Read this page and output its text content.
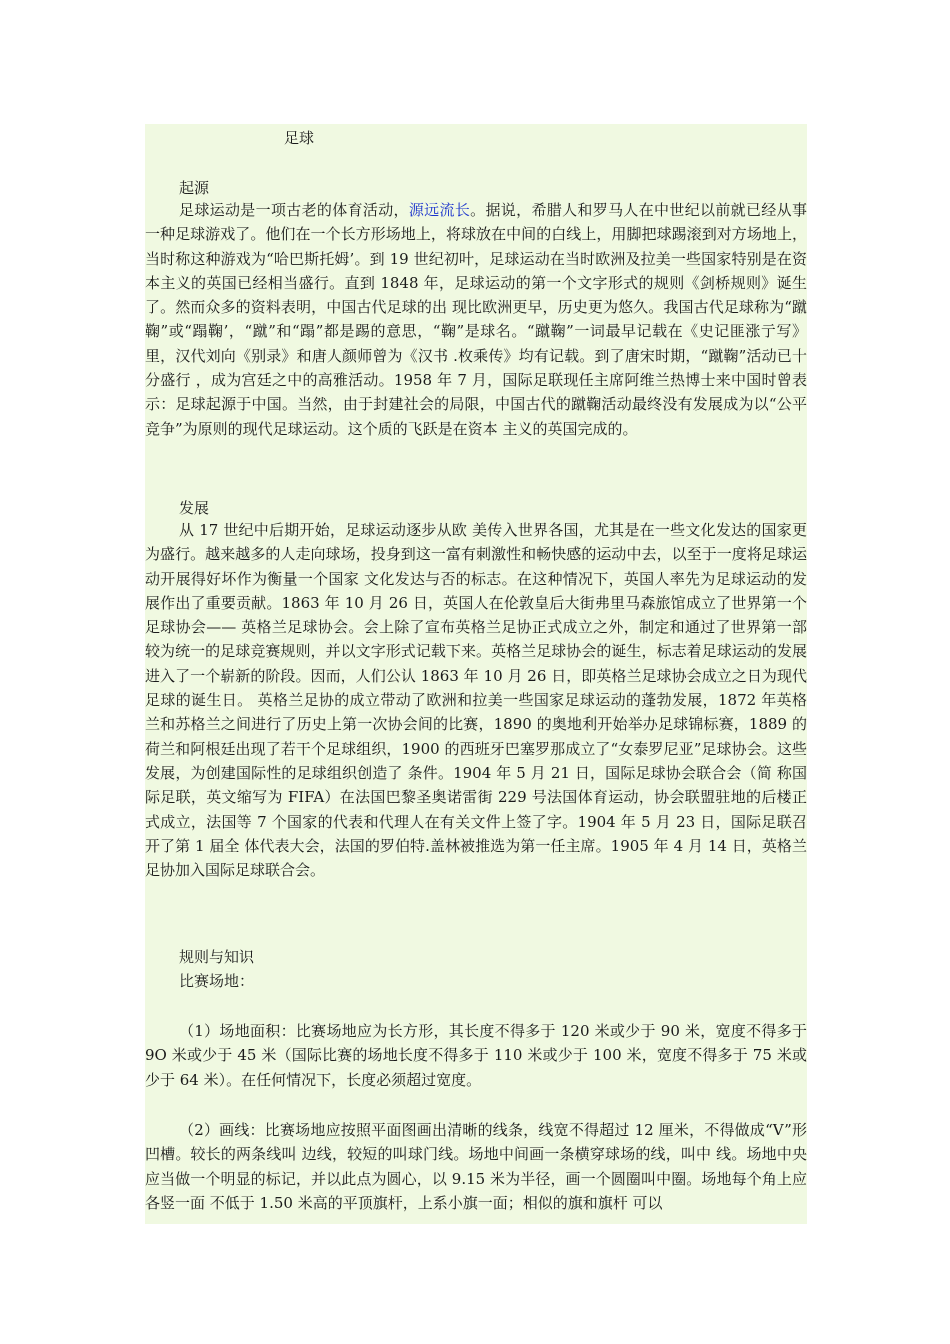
足球
起源

足球运动是一项古老的体育活动，源远流长。据说，希腊人和罗马人在中世纪以前就已经从事一种足球游戏了。他们在一个长方形场地上，将球放在中间的白线上，用脚把球踢滚到对方场地上，当时称这种游戏为“哈巴斯托姆’。到 19 世纪初叶，足球运动在当时欧洲及拉美一些国家特别是在资本主义的英国已经相当盛行。直到 1848 年，足球运动的第一个文字形式的规则《剑桥规则》诞生了。然而众多的资料表明，中国古代足球的出 现比欧洲更早，历史更为悠久。我国古代足球称为“蹴鞠”或“蹋鞠’，“蹴”和“蹋”都是踢的意思，“鞠”是球名。“蹴鞠”一词最早记载在《史记匪涨亍写》里，汉代刘向《别录》和唐人颜师曾为《汉书 .枚乘传》均有记载。到了唐宋时期，“蹴鞠”活动已十分盛行 ，成为宫廷之中的高雅活动。1958 年 7 月，国际足联现任主席阿维兰热博士来中国时曾表示：足球起源于中国。当然，由于封建社会的局限，中国古代的蹴鞠活动最终没有发展成为以“公平竞争”为原则的现代足球运动。这个质的飞跃是在资本 主义的英国完成的。

发展

从 17 世纪中后期开始，足球运动逐步从欧 美传入世界各国，尤其是在一些文化发达的国家更为盛行。越来越多的人走向球场，投身到这一富有刺激性和畅快感的运动中去，以至于一度将足球运动开展得好坏作为衡量一个国家 文化发达与否的标志。在这种情况下，英国人率先为足球运动的发展作出了重要贡献。1863 年 10 月 26 日，英国人在伦敦皇后大街弗里马森旅馆成立了世界第一个足球协会—— 英格兰足球协会。会上除了宣布英格兰足协正式成立之外，制定和通过了世界第一部较为统一的足球竞赛规则，并以文字形式记载下来。英格兰足球协会的诞生，标志着足球运动的发展进入了一个崭新的阶段。因而，人们公认 1863 年 10 月 26 日，即英格兰足球协会成立之日为现代足球的诞生日。 英格兰足协的成立带动了欧洲和拉美一些国家足球运动的蓬勃发展，1872 年英格兰和苏格兰之间进行了历史上第一次协会间的比赛，1890 的奥地利开始举办足球锦标赛，1889 的荷兰和阿根廷出现了若干个足球组织，1900 的西班牙巴塞罗那成立了“女泰罗尼亚”足球协会。这些发展，为创建国际性的足球组织创造了 条件。1904 年 5 月 21 日，国际足球协会联合会（简 称国际足联，英文缩写为 FIFA）在法国巴黎圣奥诺雷街 229 号法国体育运动，协会联盟驻地的后楼正式成立，法国等 7 个国家的代表和代理人在有关文件上签了字。1904 年 5 月 23 日，国际足联召开了第 1 届全 体代表大会，法国的罗伯特.盖林被推选为第一任主席。1905 年 4 月 14 日，英格兰足协加入国际足球联合会。

规则与知识
比赛场地：

（1）场地面积：比赛场地应为长方形，其长度不得多于 120 米或少于 90 米，宽度不得多于 9O 米或少于 45 米（国际比赛的场地长度不得多于 110 米或少于 100 米，宽度不得多于 75 米或 少于 64 米）。在任何情况下，长度必须超过宽度。

（2）画线：比赛场地应按照平面图画出清晰的线条，线宽不得超过 12 厘米，不得做成“V”形凹槽。较长的两条线叫 边线，较短的叫球门线。场地中间画一条横穿球场的线，叫中 线。场地中央应当做一个明显的标记，并以此点为圆心，以 9.15 米为半径，画一个圆圈叫中圈。场地每个角上应各竖一面 不低于 1.50 米高的平顶旗杆，上系小旗一面；相似的旗和旗杆 可以
